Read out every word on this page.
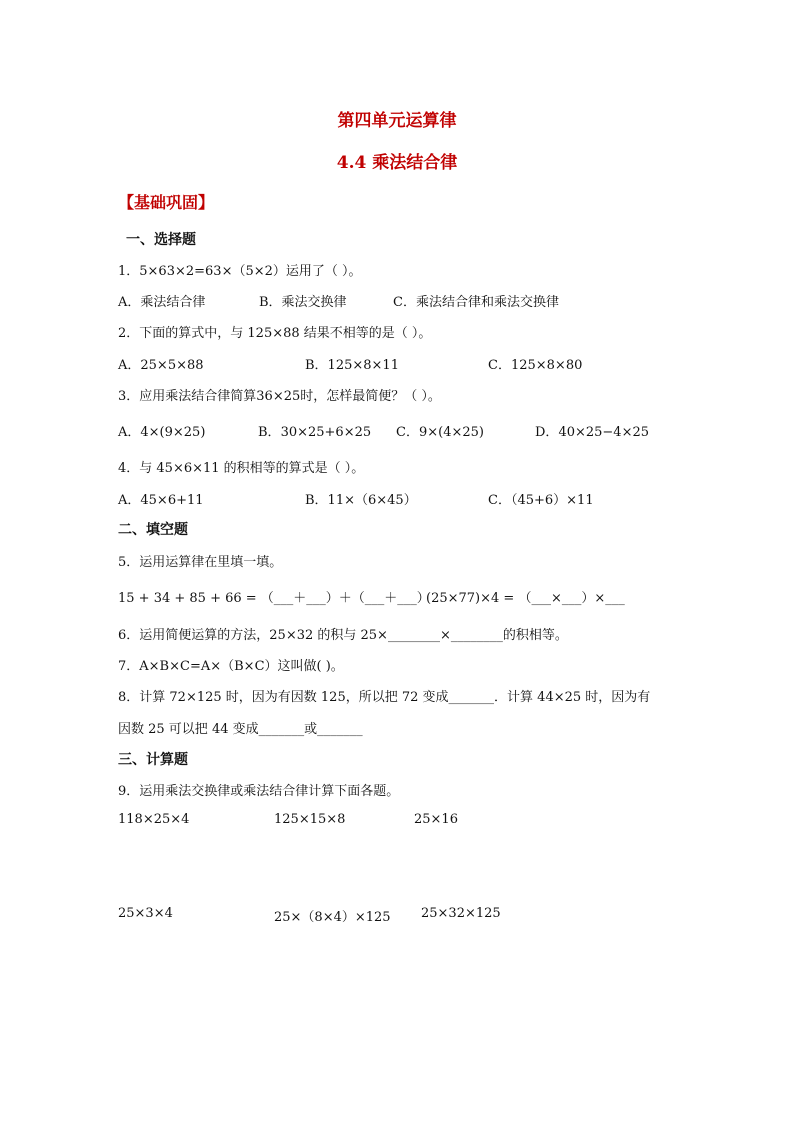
第四单元运算律
4.4 乘法结合律
【基础巩固】
一、选择题
1．5×63×2=63×（5×2）运用了（ ）。
A．乘法结合律	B．乘法交换律	C．乘法结合律和乘法交换律
2．下面的算式中，与 125×88 结果不相等的是（ ）。
A．25×5×88	B．125×8×11	C．125×8×80
3．应用乘法结合律简算36×25时，怎样最简便？（ ）。
A．4×(9×25)	B．30×25+6×25 C．9×(4×25)	D．40×25−4×25
4．与 45×6×11 的积相等的算式是（ ）。
A．45×6+11	B．11×（6×45）	C．（45+6）×11
二、填空题
5．运用运算律在里填一填。
15 + 34 + 85 + 66 = （___＋___）＋（___＋___）
(25×77)×4 = （___×___）×___
6．运用简便运算的方法，25×32 的积与 25×________×________的积相等。
7．A×B×C=A×（B×C）这叫做( )。
8．计算 72×125 时，因为有因数 125，所以把 72 变成_______．计算 44×25 时，因为有
因数 25 可以把 44 变成_______或_______
三、计算题
9．运用乘法交换律或乘法结合律计算下面各题。
118×25×4	125×15×8	25×16
25×3×4	25×（8×4）×125 25×32×125
